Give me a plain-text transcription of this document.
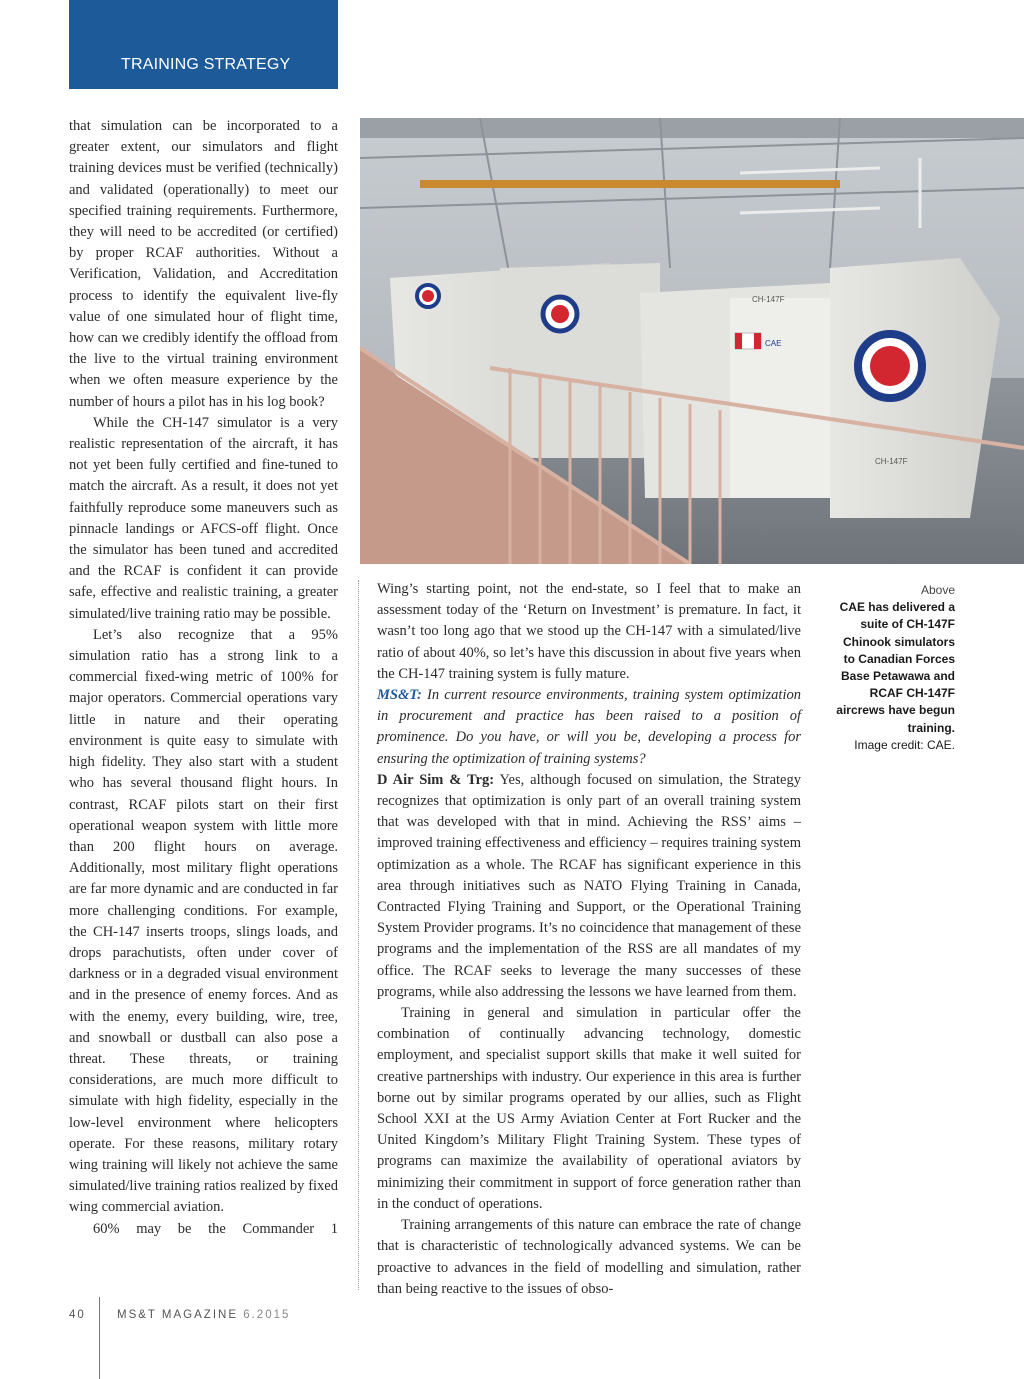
TRAINING STRATEGY

that simulation can be incorporated to a greater extent, our simulators and flight training devices must be verified (technically) and validated (operationally) to meet our specified training requirements. Furthermore, they will need to be accredited (or certified) by proper RCAF authorities. Without a Verification, Validation, and Accreditation process to identify the equivalent live-fly value of one simulated hour of flight time, how can we credibly identify the offload from the live to the virtual training environment when we often measure experience by the number of hours a pilot has in his log book?

While the CH-147 simulator is a very realistic representation of the aircraft, it has not yet been fully certified and fine-tuned to match the aircraft. As a result, it does not yet faithfully reproduce some maneuvers such as pinnacle landings or AFCS-off flight. Once the simulator has been tuned and accredited and the RCAF is confident it can provide safe, effective and realistic training, a greater simulated/live training ratio may be possible.

Let’s also recognize that a 95% simulation ratio has a strong link to a commercial fixed-wing metric of 100% for major operators. Commercial operations vary little in nature and their operating environment is quite easy to simulate with high fidelity. They also start with a student who has several thousand flight hours. In contrast, RCAF pilots start on their first operational weapon system with little more than 200 flight hours on average. Additionally, most military flight operations are far more dynamic and are conducted in far more challenging conditions. For example, the CH-147 inserts troops, slings loads, and drops parachutists, often under cover of darkness or in a degraded visual environment and in the presence of enemy forces. And as with the enemy, every building, wire, tree, and snowball or dustball can also pose a threat. These threats, or training considerations, are much more difficult to simulate with high fidelity, especially in the low-level environment where helicopters operate. For these reasons, military rotary wing training will likely not achieve the same simulated/live training ratios realized by fixed wing commercial aviation.

60% may be the Commander 1

CH-147F
CAE
CH-147F

Wing’s starting point, not the end-state, so I feel that to make an assessment today of the ‘Return on Investment’ is premature. In fact, it wasn’t too long ago that we stood up the CH-147 with a simulated/live ratio of about 40%, so let’s have this discussion in about five years when the CH-147 training system is fully mature.

MS&T: In current resource environments, training system optimization in procurement and practice has been raised to a position of prominence. Do you have, or will you be, developing a process for ensuring the optimization of training systems?

D Air Sim & Trg: Yes, although focused on simulation, the Strategy recognizes that optimization is only part of an overall training system that was developed with that in mind. Achieving the RSS’ aims – improved training effectiveness and efficiency – requires training system optimization as a whole. The RCAF has significant experience in this area through initiatives such as NATO Flying Training in Canada, Contracted Flying Training and Support, or the Operational Training System Provider programs. It’s no coincidence that management of these programs and the implementation of the RSS are all mandates of my office. The RCAF seeks to leverage the many successes of these programs, while also addressing the lessons we have learned from them.

Training in general and simulation in particular offer the combination of continually advancing technology, domestic employment, and specialist support skills that make it well suited for creative partnerships with industry. Our experience in this area is further borne out by similar programs operated by our allies, such as Flight School XXI at the US Army Aviation Center at Fort Rucker and the United Kingdom’s Military Flight Training System. These types of programs can maximize the availability of operational aviators by minimizing their commitment in support of force generation rather than in the conduct of operations.

Training arrangements of this nature can embrace the rate of change that is characteristic of technologically advanced systems. We can be proactive to advances in the field of modelling and simulation, rather than being reactive to the issues of obso-

Above
CAE has delivered a suite of CH-147F Chinook simulators to Canadian Forces Base Petawawa and RCAF CH-147F aircrews have begun training.
Image credit: CAE.
40	MS&T MAGAZINE 6.2015
